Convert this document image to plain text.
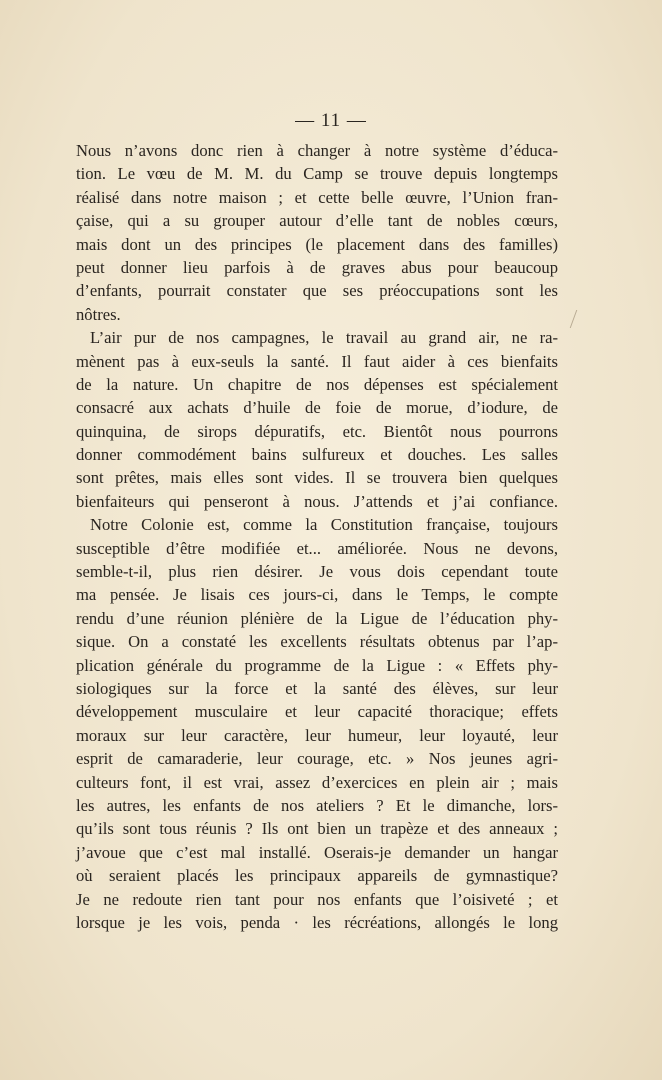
— 11 —
Nous n’avons donc rien à changer à notre système d’éduca-
tion. Le vœu de M. M. du Camp se trouve depuis longtemps
réalisé dans notre maison ; et cette belle œuvre, l’Union fran-
çaise, qui a su grouper autour d’elle tant de nobles cœurs,
mais dont un des principes (le placement dans des familles)
peut donner lieu parfois à de graves abus pour beaucoup
d’enfants, pourrait constater que ses préoccupations sont les
nôtres.
L’air pur de nos campagnes, le travail au grand air, ne ra-
mènent pas à eux-seuls la santé. Il faut aider à ces bienfaits
de la nature. Un chapitre de nos dépenses est spécialement
consacré aux achats d’huile de foie de morue, d’iodure, de
quinquina, de sirops dépuratifs, etc. Bientôt nous pourrons
donner commodément bains sulfureux et douches. Les salles
sont prêtes, mais elles sont vides. Il se trouvera bien quelques
bienfaiteurs qui penseront à nous. J’attends et j’ai confiance.
Notre Colonie est, comme la Constitution française, toujours
susceptible d’être modifiée et... améliorée. Nous ne devons,
semble-t-il, plus rien désirer. Je vous dois cependant toute
ma pensée. Je lisais ces jours-ci, dans le Temps, le compte
rendu d’une réunion plénière de la Ligue de l’éducation phy-
sique. On a constaté les excellents résultats obtenus par l’ap-
plication générale du programme de la Ligue : « Effets phy-
siologiques sur la force et la santé des élèves, sur leur
développement musculaire et leur capacité thoracique; effets
moraux sur leur caractère, leur humeur, leur loyauté, leur
esprit de camaraderie, leur courage, etc. » Nos jeunes agri-
culteurs font, il est vrai, assez d’exercices en plein air ; mais
les autres, les enfants de nos ateliers ? Et le dimanche, lors-
qu’ils sont tous réunis ? Ils ont bien un trapèze et des anneaux ;
j’avoue que c’est mal installé. Oserais-je demander un hangar
où seraient placés les principaux appareils de gymnastique?
Je ne redoute rien tant pour nos enfants que l’oisiveté ; et
lorsque je les vois, penda · les récréations, allongés le long
